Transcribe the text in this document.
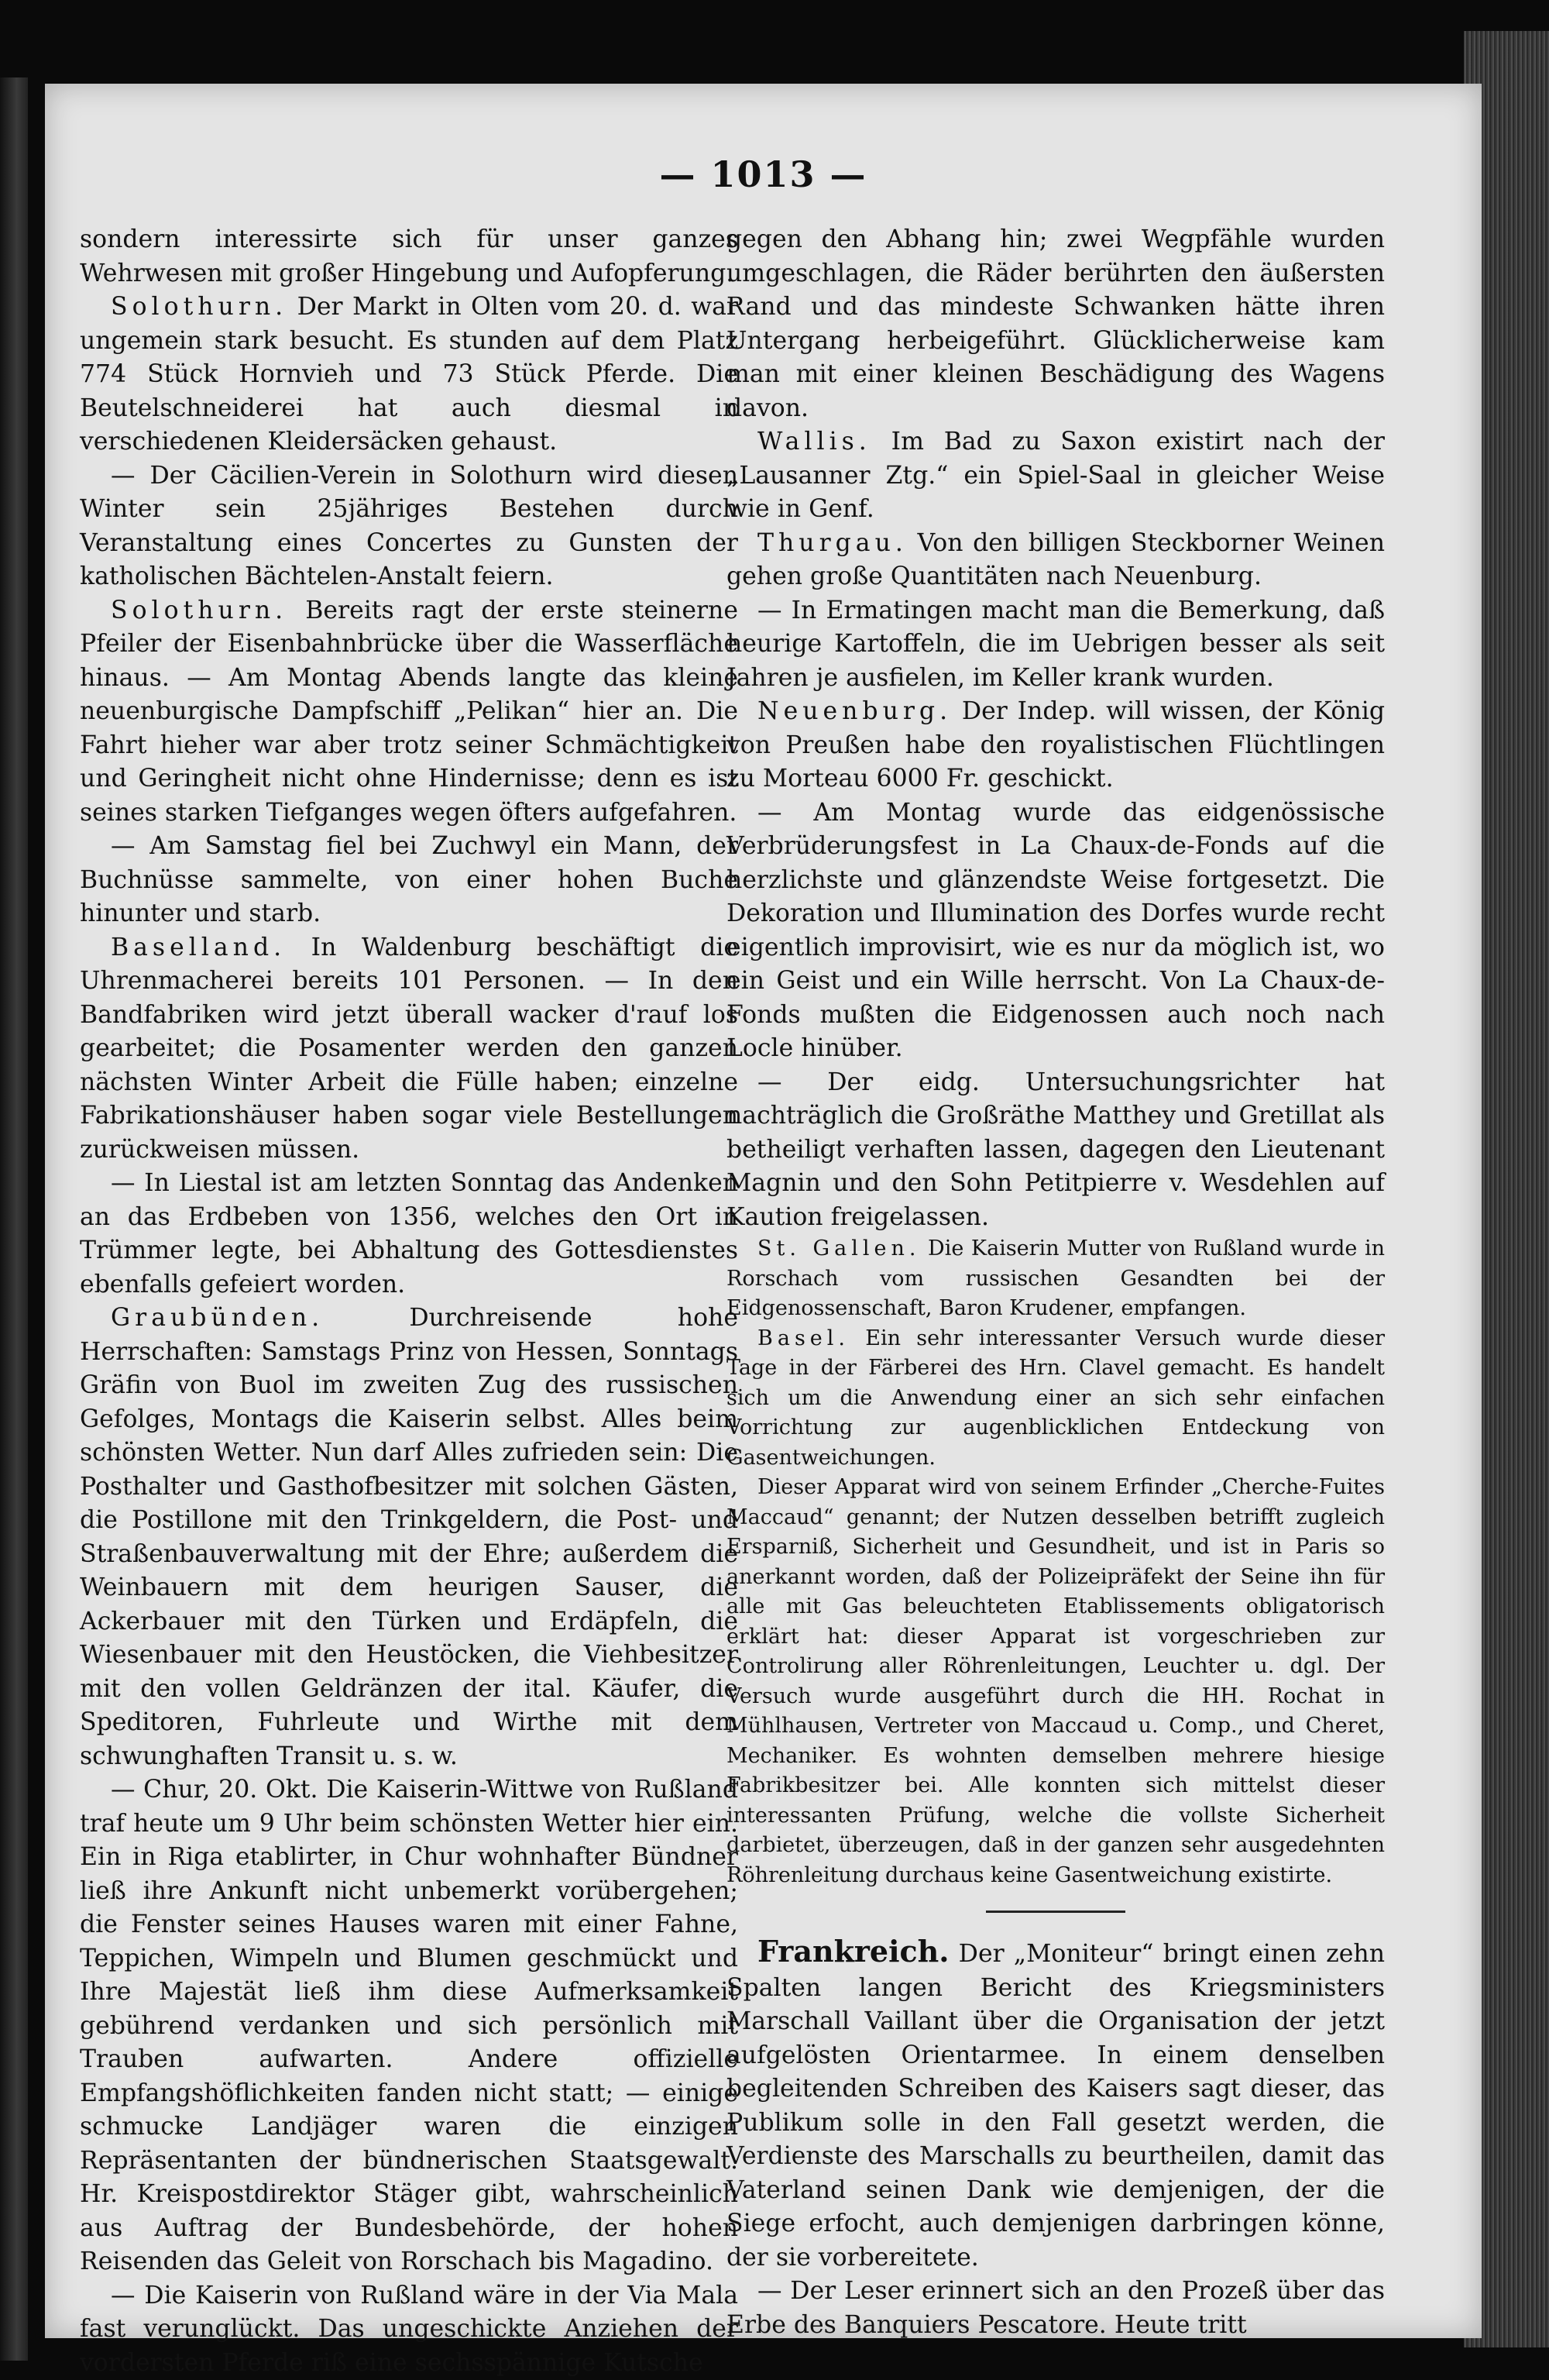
— 1013 —

sondern interessirte sich für unser ganzes Wehrwesen mit großer Hingebung und Aufopferung.

Solothurn. Der Markt in Olten vom 20. d. war ungemein stark besucht. Es stunden auf dem Platz 774 Stück Hornvieh und 73 Stück Pferde. Die Beutelschneiderei hat auch diesmal in verschiedenen Kleidersäcken gehaust.

— Der Cäcilien-Verein in Solothurn wird diesen Winter sein 25jähriges Bestehen durch Veranstaltung eines Concertes zu Gunsten der katholischen Bächtelen-Anstalt feiern.

Solothurn. Bereits ragt der erste steinerne Pfeiler der Eisenbahnbrücke über die Wasserfläche hinaus. — Am Montag Abends langte das kleine neuenburgische Dampfschiff „Pelikan“ hier an. Die Fahrt hieher war aber trotz seiner Schmächtigkeit und Geringheit nicht ohne Hindernisse; denn es ist seines starken Tiefganges wegen öfters aufgefahren.

— Am Samstag fiel bei Zuchwyl ein Mann, der Buchnüsse sammelte, von einer hohen Buche hinunter und starb.

Baselland. In Waldenburg beschäftigt die Uhrenmacherei bereits 101 Personen. — In den Bandfabriken wird jetzt überall wacker d'rauf los gearbeitet; die Posamenter werden den ganzen nächsten Winter Arbeit die Fülle haben; einzelne Fabrikationshäuser haben sogar viele Bestellungen zurückweisen müssen.

— In Liestal ist am letzten Sonntag das Andenken an das Erdbeben von 1356, welches den Ort in Trümmer legte, bei Abhaltung des Gottesdienstes ebenfalls gefeiert worden.

Graubünden. Durchreisende hohe Herrschaften: Samstags Prinz von Hessen, Sonntags Gräfin von Buol im zweiten Zug des russischen Gefolges, Montags die Kaiserin selbst. Alles beim schönsten Wetter. Nun darf Alles zufrieden sein: Die Posthalter und Gasthofbesitzer mit solchen Gästen, die Postillone mit den Trinkgeldern, die Post- und Straßenbauverwaltung mit der Ehre; außerdem die Weinbauern mit dem heurigen Sauser, die Ackerbauer mit den Türken und Erdäpfeln, die Wiesenbauer mit den Heustöcken, die Viehbesitzer mit den vollen Geldränzen der ital. Käufer, die Speditoren, Fuhrleute und Wirthe mit dem schwunghaften Transit u. s. w.

— Chur, 20. Okt. Die Kaiserin-Wittwe von Rußland traf heute um 9 Uhr beim schönsten Wetter hier ein. Ein in Riga etablirter, in Chur wohnhafter Bündner ließ ihre Ankunft nicht unbemerkt vorübergehen; die Fenster seines Hauses waren mit einer Fahne, Teppichen, Wimpeln und Blumen geschmückt und Ihre Majestät ließ ihm diese Aufmerksamkeit gebührend verdanken und sich persönlich mit Trauben aufwarten. Andere offizielle Empfangshöflichkeiten fanden nicht statt; — einige schmucke Landjäger waren die einzigen Repräsentanten der bündnerischen Staatsgewalt. Hr. Kreispostdirektor Stäger gibt, wahrscheinlich aus Auftrag der Bundesbehörde, der hohen Reisenden das Geleit von Rorschach bis Magadino.

— Die Kaiserin von Rußland wäre in der Via Mala fast verunglückt. Das ungeschickte Anziehen der vordersten Pferde riß eine sechsspännige Kutsche

gegen den Abhang hin; zwei Wegpfähle wurden umgeschlagen, die Räder berührten den äußersten Rand und das mindeste Schwanken hätte ihren Untergang herbeigeführt. Glücklicherweise kam man mit einer kleinen Beschädigung des Wagens davon.

Wallis. Im Bad zu Saxon existirt nach der „Lausanner Ztg.“ ein Spiel-Saal in gleicher Weise wie in Genf.

Thurgau. Von den billigen Steckborner Weinen gehen große Quantitäten nach Neuenburg.

— In Ermatingen macht man die Bemerkung, daß heurige Kartoffeln, die im Uebrigen besser als seit Jahren je ausfielen, im Keller krank wurden.

Neuenburg. Der Indep. will wissen, der König von Preußen habe den royalistischen Flüchtlingen zu Morteau 6000 Fr. geschickt.

— Am Montag wurde das eidgenössische Verbrüderungsfest in La Chaux-de-Fonds auf die herzlichste und glänzendste Weise fortgesetzt. Die Dekoration und Illumination des Dorfes wurde recht eigentlich improvisirt, wie es nur da möglich ist, wo ein Geist und ein Wille herrscht. Von La Chaux-de-Fonds mußten die Eidgenossen auch noch nach Locle hinüber.

— Der eidg. Untersuchungsrichter hat nachträglich die Großräthe Matthey und Gretillat als betheiligt verhaften lassen, dagegen den Lieutenant Magnin und den Sohn Petitpierre v. Wesdehlen auf Kaution freigelassen.

St. Gallen. Die Kaiserin Mutter von Rußland wurde in Rorschach vom russischen Gesandten bei der Eidgenossenschaft, Baron Krudener, empfangen.

Basel. Ein sehr interessanter Versuch wurde dieser Tage in der Färberei des Hrn. Clavel gemacht. Es handelt sich um die Anwendung einer an sich sehr einfachen Vorrichtung zur augenblicklichen Entdeckung von Gasentweichungen.

Dieser Apparat wird von seinem Erfinder „Cherche-Fuites Maccaud“ genannt; der Nutzen desselben betrifft zugleich Ersparniß, Sicherheit und Gesundheit, und ist in Paris so anerkannt worden, daß der Polizeipräfekt der Seine ihn für alle mit Gas beleuchteten Etablissements obligatorisch erklärt hat: dieser Apparat ist vorgeschrieben zur Controlirung aller Röhrenleitungen, Leuchter u. dgl. Der Versuch wurde ausgeführt durch die HH. Rochat in Mühlhausen, Vertreter von Maccaud u. Comp., und Cheret, Mechaniker. Es wohnten demselben mehrere hiesige Fabrikbesitzer bei. Alle konnten sich mittelst dieser interessanten Prüfung, welche die vollste Sicherheit darbietet, überzeugen, daß in der ganzen sehr ausgedehnten Röhrenleitung durchaus keine Gasentweichung existirte.

Frankreich. Der „Moniteur“ bringt einen zehn Spalten langen Bericht des Kriegsministers Marschall Vaillant über die Organisation der jetzt aufgelösten Orientarmee. In einem denselben begleitenden Schreiben des Kaisers sagt dieser, das Publikum solle in den Fall gesetzt werden, die Verdienste des Marschalls zu beurtheilen, damit das Vaterland seinen Dank wie demjenigen, der die Siege erfocht, auch demjenigen darbringen könne, der sie vorbereitete.

— Der Leser erinnert sich an den Prozeß über das Erbe des Banquiers Pescatore. Heute tritt
